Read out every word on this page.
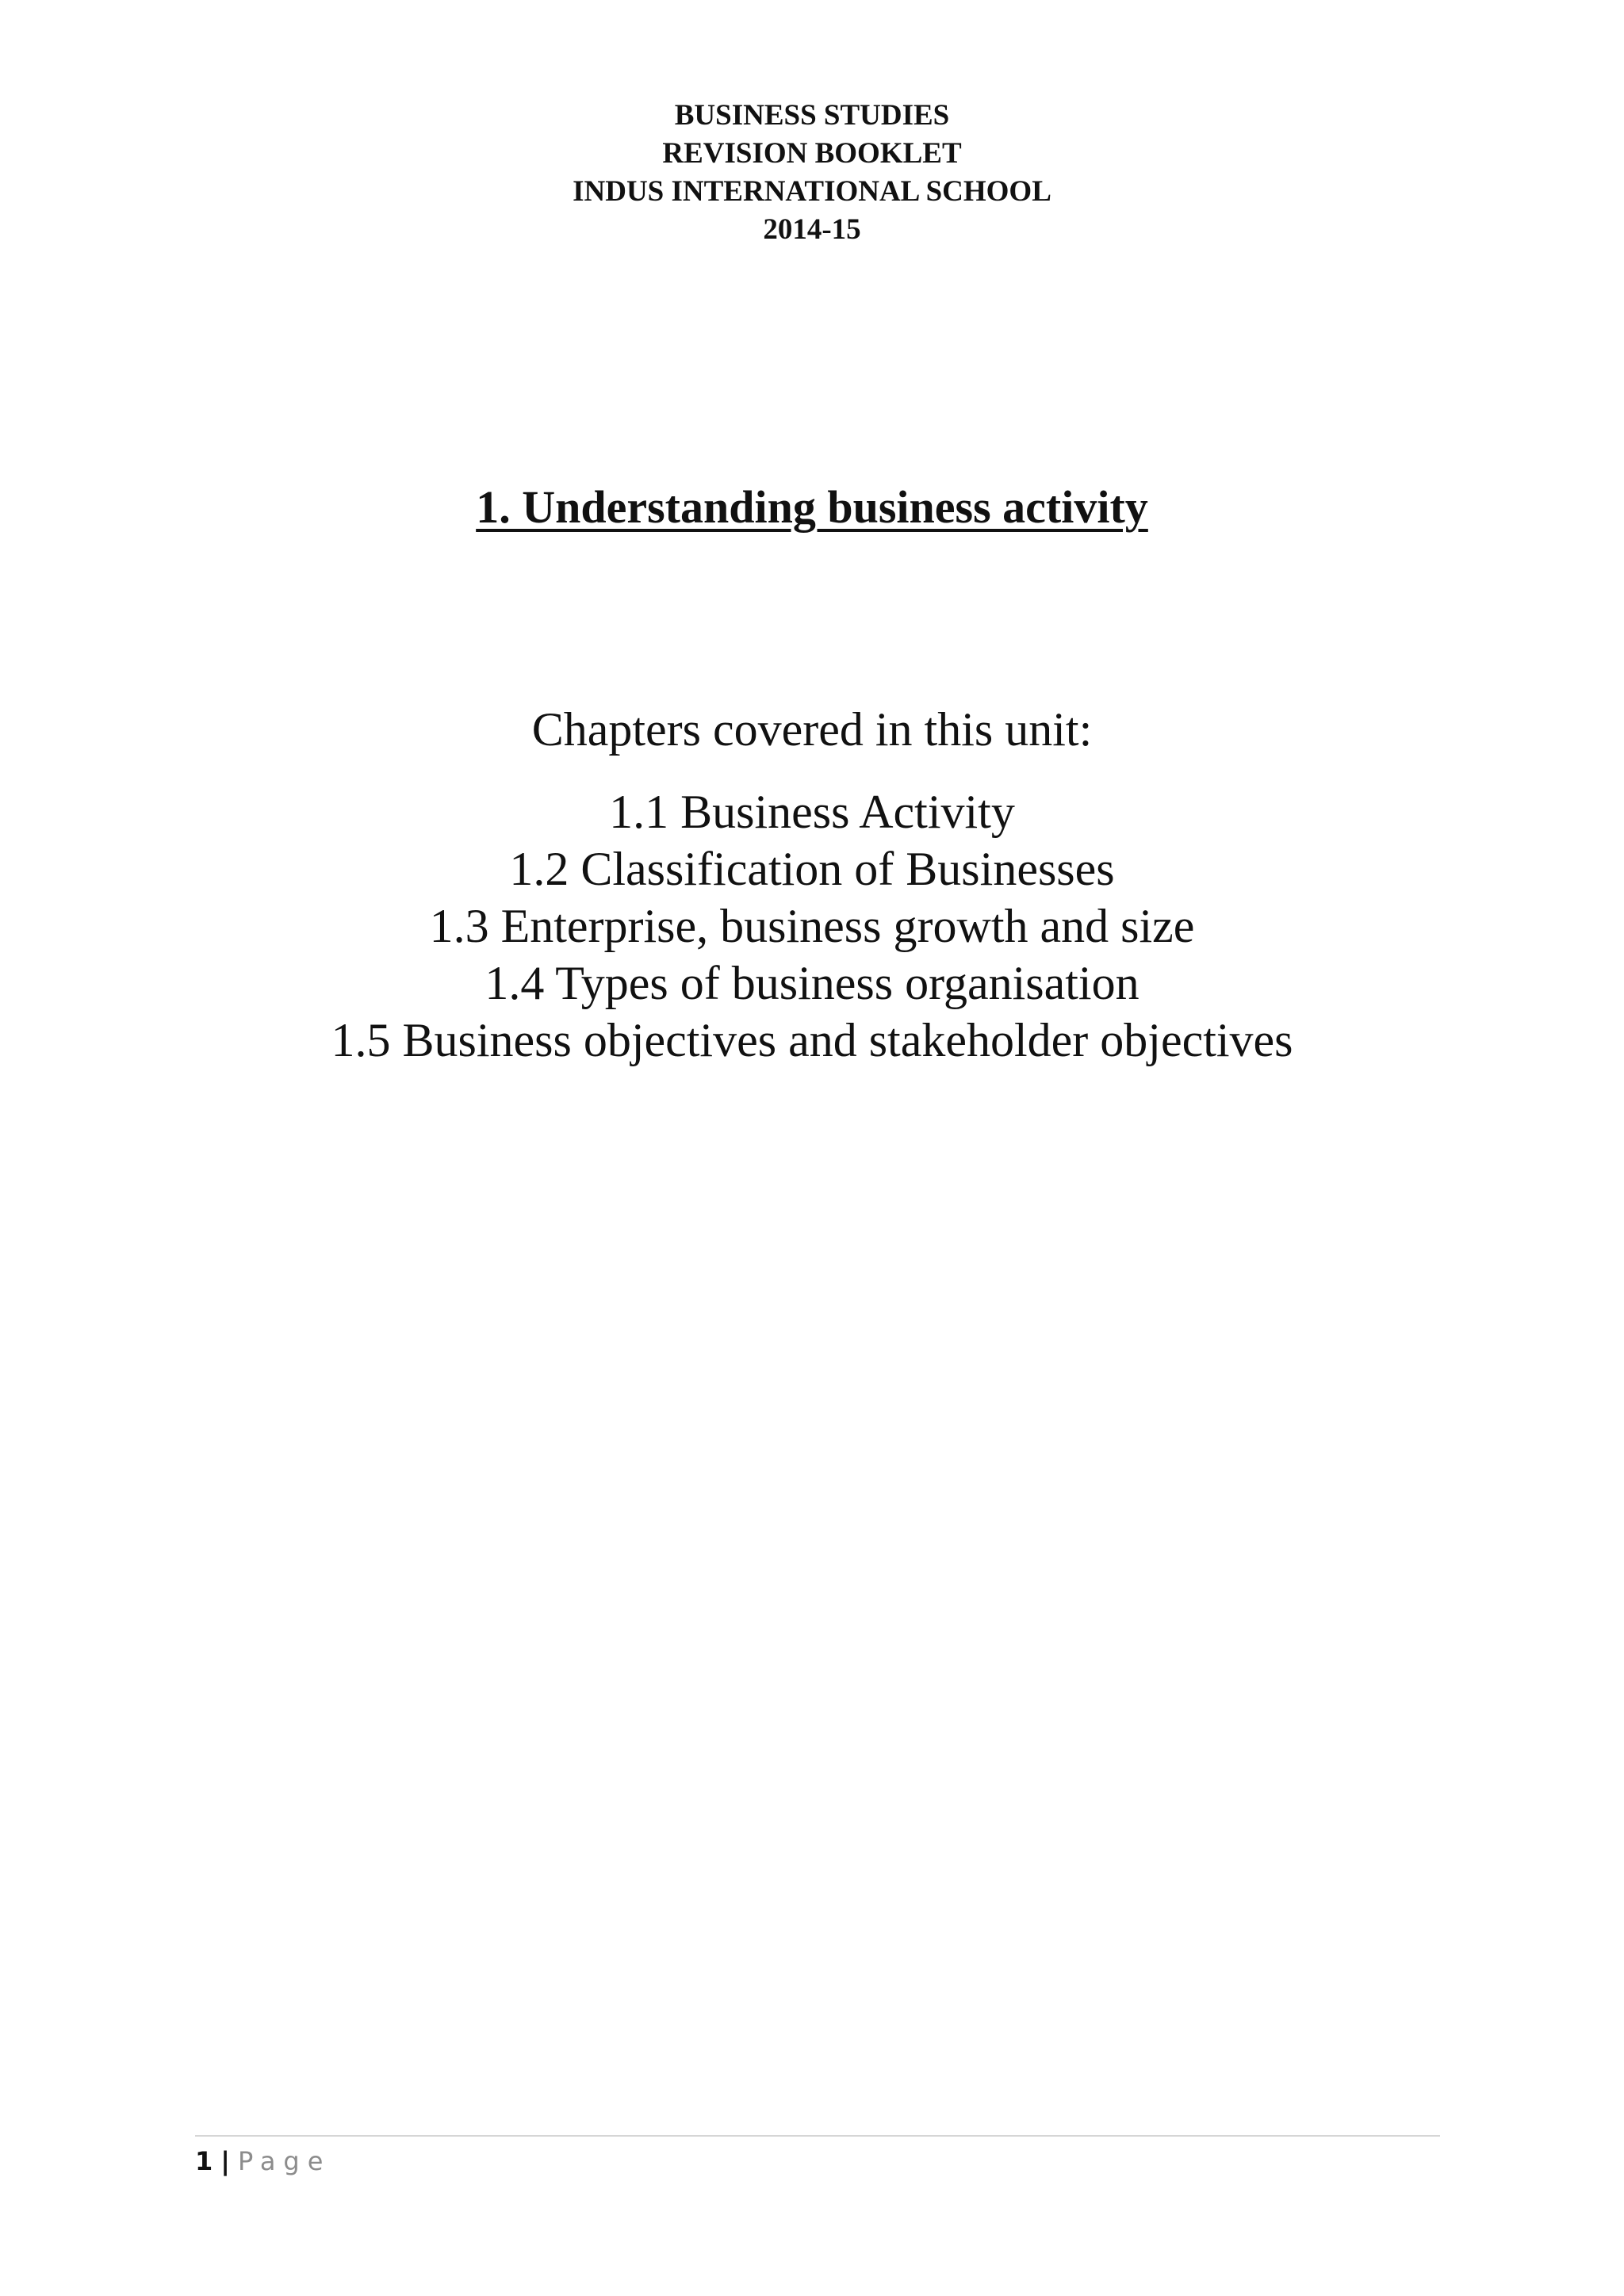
BUSINESS STUDIES
REVISION BOOKLET
INDUS INTERNATIONAL SCHOOL
2014-15
1. Understanding business activity
Chapters covered in this unit:
1.1 Business Activity
1.2 Classification of Businesses
1.3 Enterprise, business growth and size
1.4 Types of business organisation
1.5 Business objectives and stakeholder objectives
1 | Page
